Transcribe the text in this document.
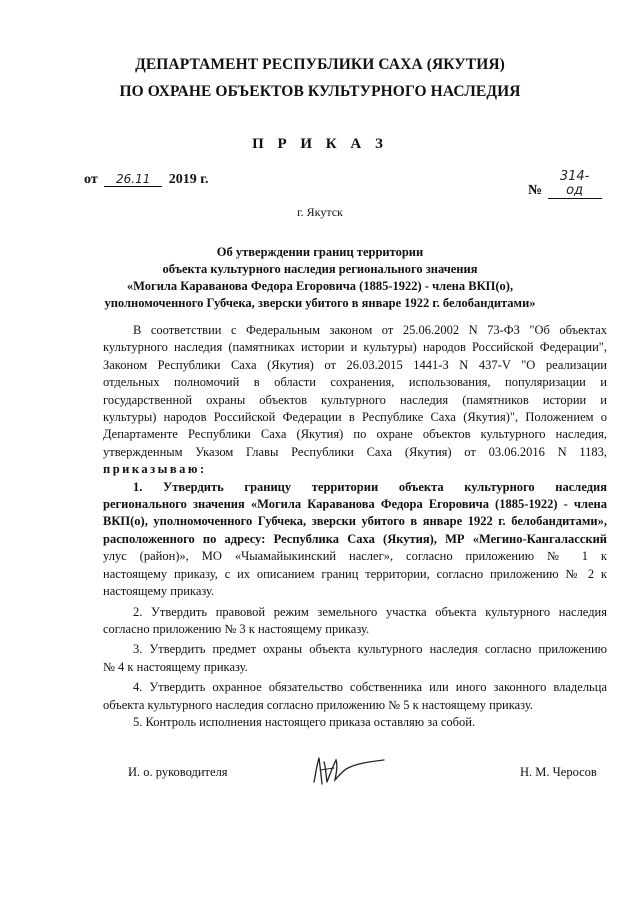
ДЕПАРТАМЕНТ РЕСПУБЛИКИ САХА (ЯКУТИЯ)
ПО ОХРАНЕ ОБЪЕКТОВ КУЛЬТУРНОГО НАСЛЕДИЯ
П Р И К А З
от 26.11 2019 г.
№ 314-од
г. Якутск
Об утверждении границ территории
объекта культурного наследия регионального значения
«Могила Караванова Федора Егоровича (1885-1922) - члена ВКП(о),
уполномоченного Губчека, зверски убитого в январе 1922 г. белобандитами»

В соответствии с Федеральным законом от 25.06.2002 N 73-ФЗ "Об объектах

культурного наследия (памятниках истории и культуры) народов Российской Федерации",

Законом Республики Саха (Якутия) от 26.03.2015 1441-З N 437-V "О реализации

отдельных полномочий в области сохранения, использования, популяризации и

государственной охраны объектов культурного наследия (памятников истории и

культуры) народов Российской Федерации в Республике Саха (Якутия)", Положением о

Департаменте Республики Саха (Якутия) по охране объектов культурного наследия,

утвержденным Указом Главы Республики Саха (Якутия) от 03.06.2016 N 1183,

приказываю:

1. Утвердить границу территории объекта культурного наследия

регионального значения «Могила Караванова Федора Егоровича (1885-1922) - члена

ВКП(о), уполномоченного Губчека, зверски убитого в январе 1922 г. белобандитами»,

расположенного по адресу: Республика Саха (Якутия), МР «Мегино-Кангаласский

улус (район)», МО «Чыамайыкинский наслег», согласно приложению № 1 к

настоящему приказу, с их описанием границ территории, согласно приложению № 2 к

настоящему приказу.

2. Утвердить правовой режим земельного участка объекта культурного наследия

согласно приложению № 3 к настоящему приказу.

3. Утвердить предмет охраны объекта культурного наследия согласно приложению

№ 4 к настоящему приказу.

4. Утвердить охранное обязательство собственника или иного законного владельца

объекта культурного наследия согласно приложению № 5 к настоящему приказу.

5. Контроль исполнения настоящего приказа оставляю за собой.

И. о. руководителя	Н. М. Черосов
